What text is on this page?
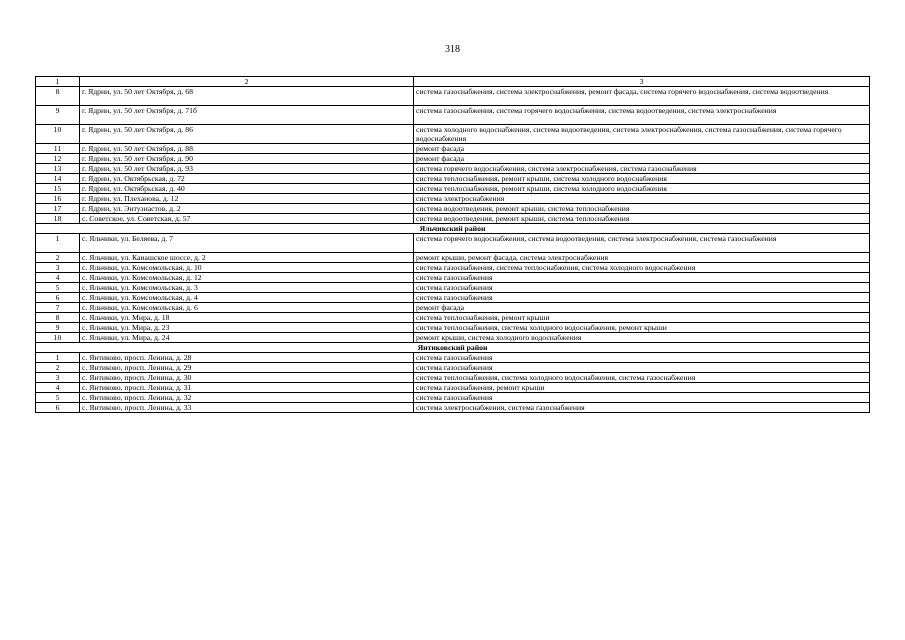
318
1	2	3
8	г. Ядрин, ул. 50 лет Октября, д. 68	система газоснабжения, система электроснабжения, ремонт фасада, система горячего водоснабжения, система водоотведения
9	г. Ядрин, ул. 50 лет Октября, д. 71б	система газоснабжения, система горячего водоснабжения, система водоотведения, система электроснабжения
10	г. Ядрин, ул. 50 лет Октября, д. 86	система холодного водоснабжения, система водоотведения, система электроснабжения, система газоснабжения, система горячего водоснабжения
11	г. Ядрин, ул. 50 лет Октября, д. 88	ремонт фасада
12	г. Ядрин, ул. 50 лет Октября, д. 90	ремонт фасада
13	г. Ядрин, ул. 50 лет Октября, д. 93	система горячего водоснабжения, система электроснабжения, система газоснабжения
14	г. Ядрин, ул. Октябрьская, д. 72	система теплоснабжения, ремонт крыши, система холодного водоснабжения
15	г. Ядрин, ул. Октябрьская, д. 40	система теплоснабжения, ремонт крыши, система холодного водоснабжения
16	г. Ядрин, ул. Плеханова, д. 12	система электроснабжения
17	г. Ядрин, ул. Энтузиастов, д. 2	система водоотведения, ремонт крыши, система теплоснабжения
18	с. Советское, ул. Советская, д. 57	система водоотведения, ремонт крыши, система теплоснабжения
Яльчикский район		
1	с. Яльчики, ул. Беляева, д. 7	система горячего водоснабжения, система водоотведения, система электроснабжения, система газоснабжения
2	с. Яльчики, ул. Канашское шоссе, д. 2	ремонт крыши, ремонт фасада, система электроснабжения
3	с. Яльчики, ул. Комсомольская, д. 10	система газоснабжения, система теплоснабжения, система холодного водоснабжения
4	с. Яльчики, ул. Комсомольская, д. 12	система газоснабжения
5	с. Яльчики, ул. Комсомольская, д. 3	система газоснабжения
6	с. Яльчики, ул. Комсомольская, д. 4	система газоснабжения
7	с. Яльчики, ул. Комсомольская, д. 6	ремонт фасада
8	с. Яльчики, ул. Мира, д. 18	система теплоснабжения, ремонт крыши
9	с. Яльчики, ул. Мира, д. 23	система теплоснабжения, система холодного водоснабжения, ремонт крыши
10	с. Яльчики, ул. Мира, д. 24	ремонт крыши, система холодного водоснабжения
Янтиковский район		
1	с. Янтиково, просп. Ленина, д. 28	система газоснабжения
2	с. Янтиково, просп. Ленина, д. 29	система газоснабжения
3	с. Янтиково, просп. Ленина, д. 30	система теплоснабжения, система холодного водоснабжения, система газоснабжения
4	с. Янтиково, просп. Ленина, д. 31	система газоснабжения, ремонт крыши
5	с. Янтиково, просп. Ленина, д. 32	система газоснабжения
6	с. Янтиково, просп. Ленина, д. 33	система электроснабжения, система газоснабжения
